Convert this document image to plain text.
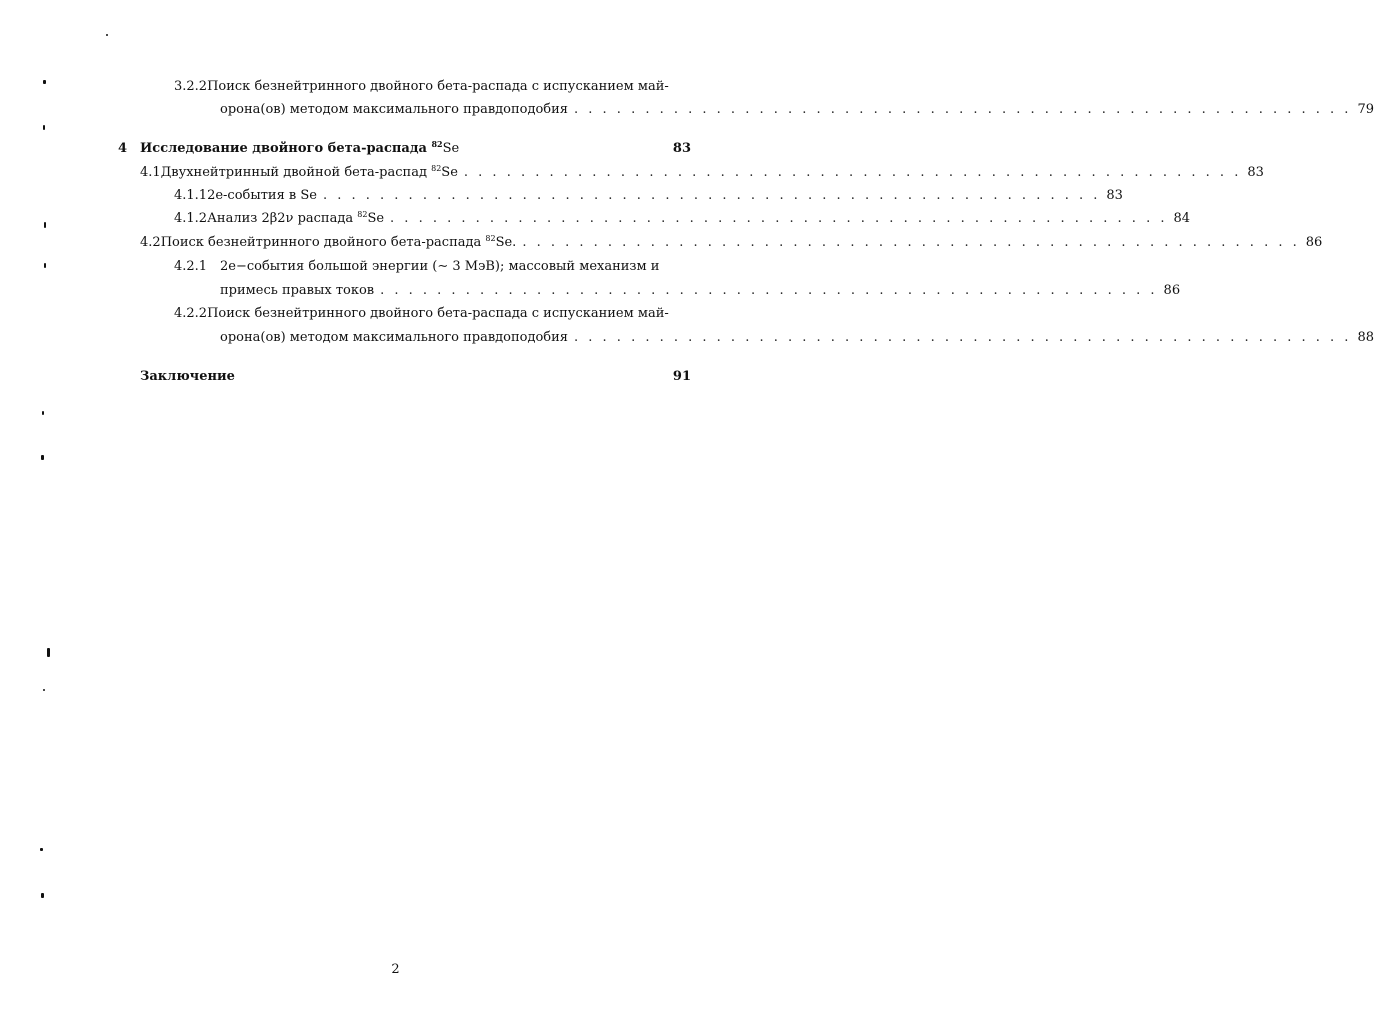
3.2.2 Поиск безнейтринного двойного бета-распада с испусканием май-
орона(ов) методом максимального правдоподобия . . . . . . . . . . . . . . . . . . . . . . . . . . . . . . . . . . . . . . . . . . . . . . . . . . . . . . . 79
4 Исследование двойного бета-распада $^{82}$Se	83
4.1 Двухнейтринный двойной бета-распад $^{82}$Se . . . . . . . . . . . . . . . . . . . . . . . . . . . . . . . . . . . . . . . . . . . . . . . . . . . . . . . 83
4.1.1 2e-события в Se . . . . . . . . . . . . . . . . . . . . . . . . . . . . . . . . . . . . . . . . . . . . . . . . . . . . . . . 83
4.1.2 Анализ 2β2ν распада $^{82}$Se . . . . . . . . . . . . . . . . . . . . . . . . . . . . . . . . . . . . . . . . . . . . . . . . . . . . . . . 84
4.2 Поиск безнейтринного двойного бета-распада $^{82}$Se. . . . . . . . . . . . . . . . . . . . . . . . . . . . . . . . . . . . . . . . . . . . . . . . . . . . . . . . 86
4.2.1 2e−события большой энергии (∼ 3 МэВ); массовый механизм и
примесь правых токов . . . . . . . . . . . . . . . . . . . . . . . . . . . . . . . . . . . . . . . . . . . . . . . . . . . . . . . 86
4.2.2 Поиск безнейтринного двойного бета-распада с испусканием май-
орона(ов) методом максимального правдоподобия . . . . . . . . . . . . . . . . . . . . . . . . . . . . . . . . . . . . . . . . . . . . . . . . . . . . . . . 88
Заключение	91
2
